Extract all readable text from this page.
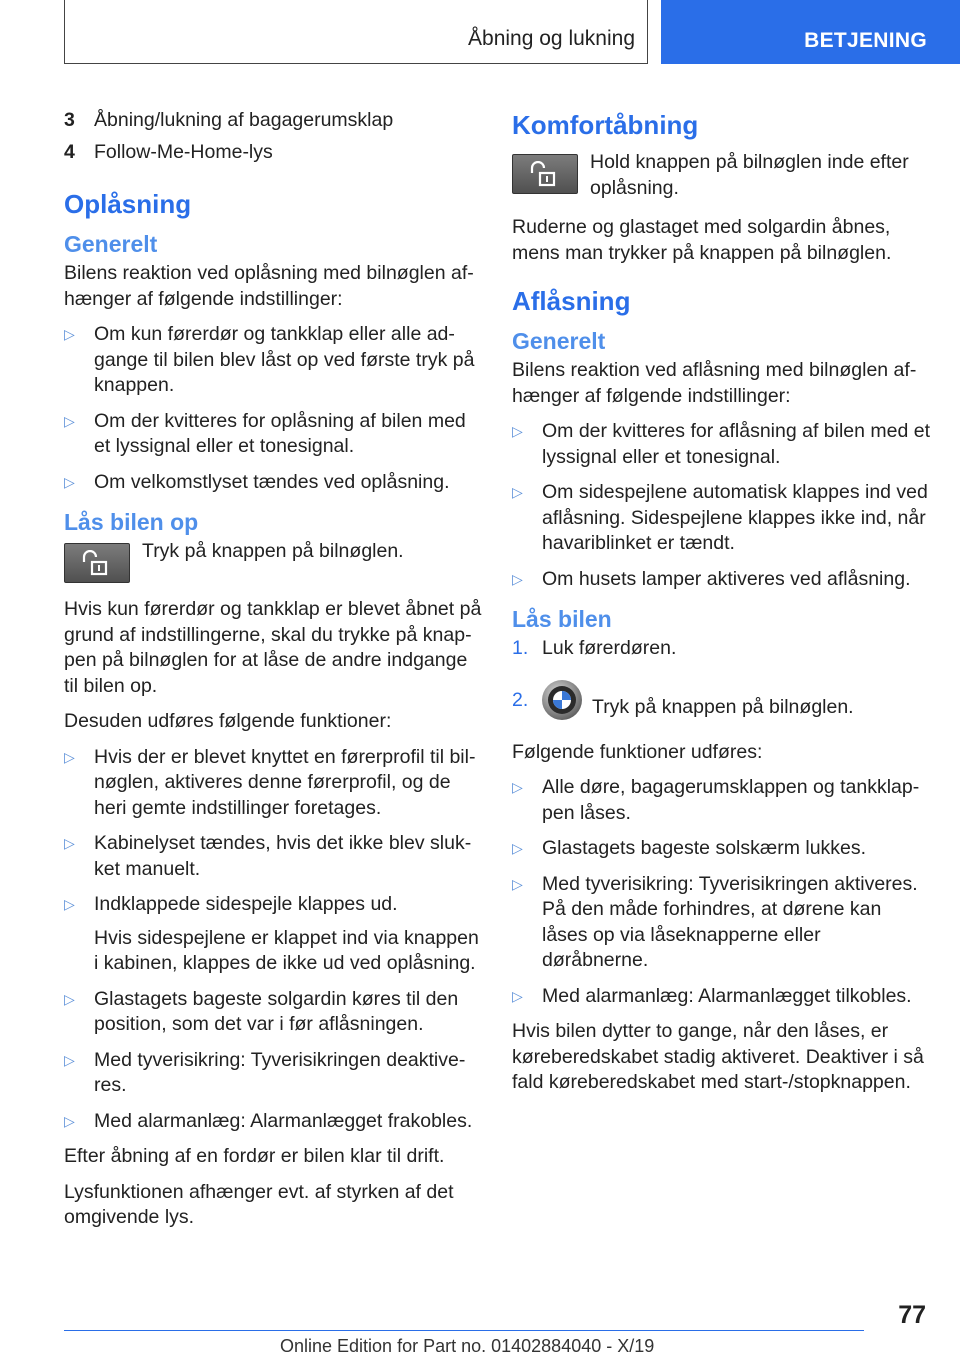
Åbning og lukning	BETJENING
3 Åbning/lukning af bagagerumsklap
4 Follow-Me-Home-lys
Oplåsning
Generelt

Bilens reaktion ved oplåsning med bilnøglen afhænger af følgende indstillinger:

▷ Om kun førerdør og tankklap eller alle adgange til bilen blev låst op ved første tryk på knappen.
▷ Om der kvitteres for oplåsning af bilen med et lyssignal eller et tonesignal.
▷ Om velkomstlyset tændes ved oplåsning.
Lås bilen op
Tryk på knappen på bilnøglen.

Hvis kun førerdør og tankklap er blevet åbnet på grund af indstillingerne, skal du trykke på knappen på bilnøglen for at låse de andre indgange til bilen op.

Desuden udføres følgende funktioner:

▷ Hvis der er blevet knyttet en førerprofil til bilnøglen, aktiveres denne førerprofil, og de heri gemte indstillinger foretages.
▷ Kabinelyset tændes, hvis det ikke blev slukket manuelt.
▷ Indklappede sidespejle klappes ud.
Hvis sidespejlene er klappet ind via knappen i kabinen, klappes de ikke ud ved oplåsning.
▷ Glastagets bageste solgardin køres til den position, som det var i før aflåsningen.
▷ Med tyverisikring: Tyverisikringen deaktiveres.
▷ Med alarmanlæg: Alarmanlægget frakobles.

Efter åbning af en fordør er bilen klar til drift.

Lysfunktionen afhænger evt. af styrken af det omgivende lys.

Komfortåbning
Hold knappen på bilnøglen inde efter oplåsning.

Ruderne og glastaget med solgardin åbnes, mens man trykker på knappen på bilnøglen.

Aflåsning
Generelt

Bilens reaktion ved aflåsning med bilnøglen afhænger af følgende indstillinger:

▷ Om der kvitteres for aflåsning af bilen med et lyssignal eller et tonesignal.
▷ Om sidespejlene automatisk klappes ind ved aflåsning. Sidespejlene klappes ikke ind, når havariblinket er tændt.
▷ Om husets lamper aktiveres ved aflåsning.
Lås bilen
1. Luk førerdøren.
2.	Tryk på knappen på bilnøglen.

Følgende funktioner udføres:

▷ Alle døre, bagagerumsklappen og tankklappen låses.
▷ Glastagets bageste solskærm lukkes.
▷ Med tyverisikring: Tyverisikringen aktiveres. På den måde forhindres, at dørene kan låses op via låseknapperne eller døråbnerne.
▷ Med alarmanlæg: Alarmanlægget tilkobles.

Hvis bilen dytter to gange, når den låses, er køreberedskabet stadig aktiveret. Deaktiver i så fald køreberedskabet med start-/stopknappen.

77
Online Edition for Part no. 01402884040 - X/19
